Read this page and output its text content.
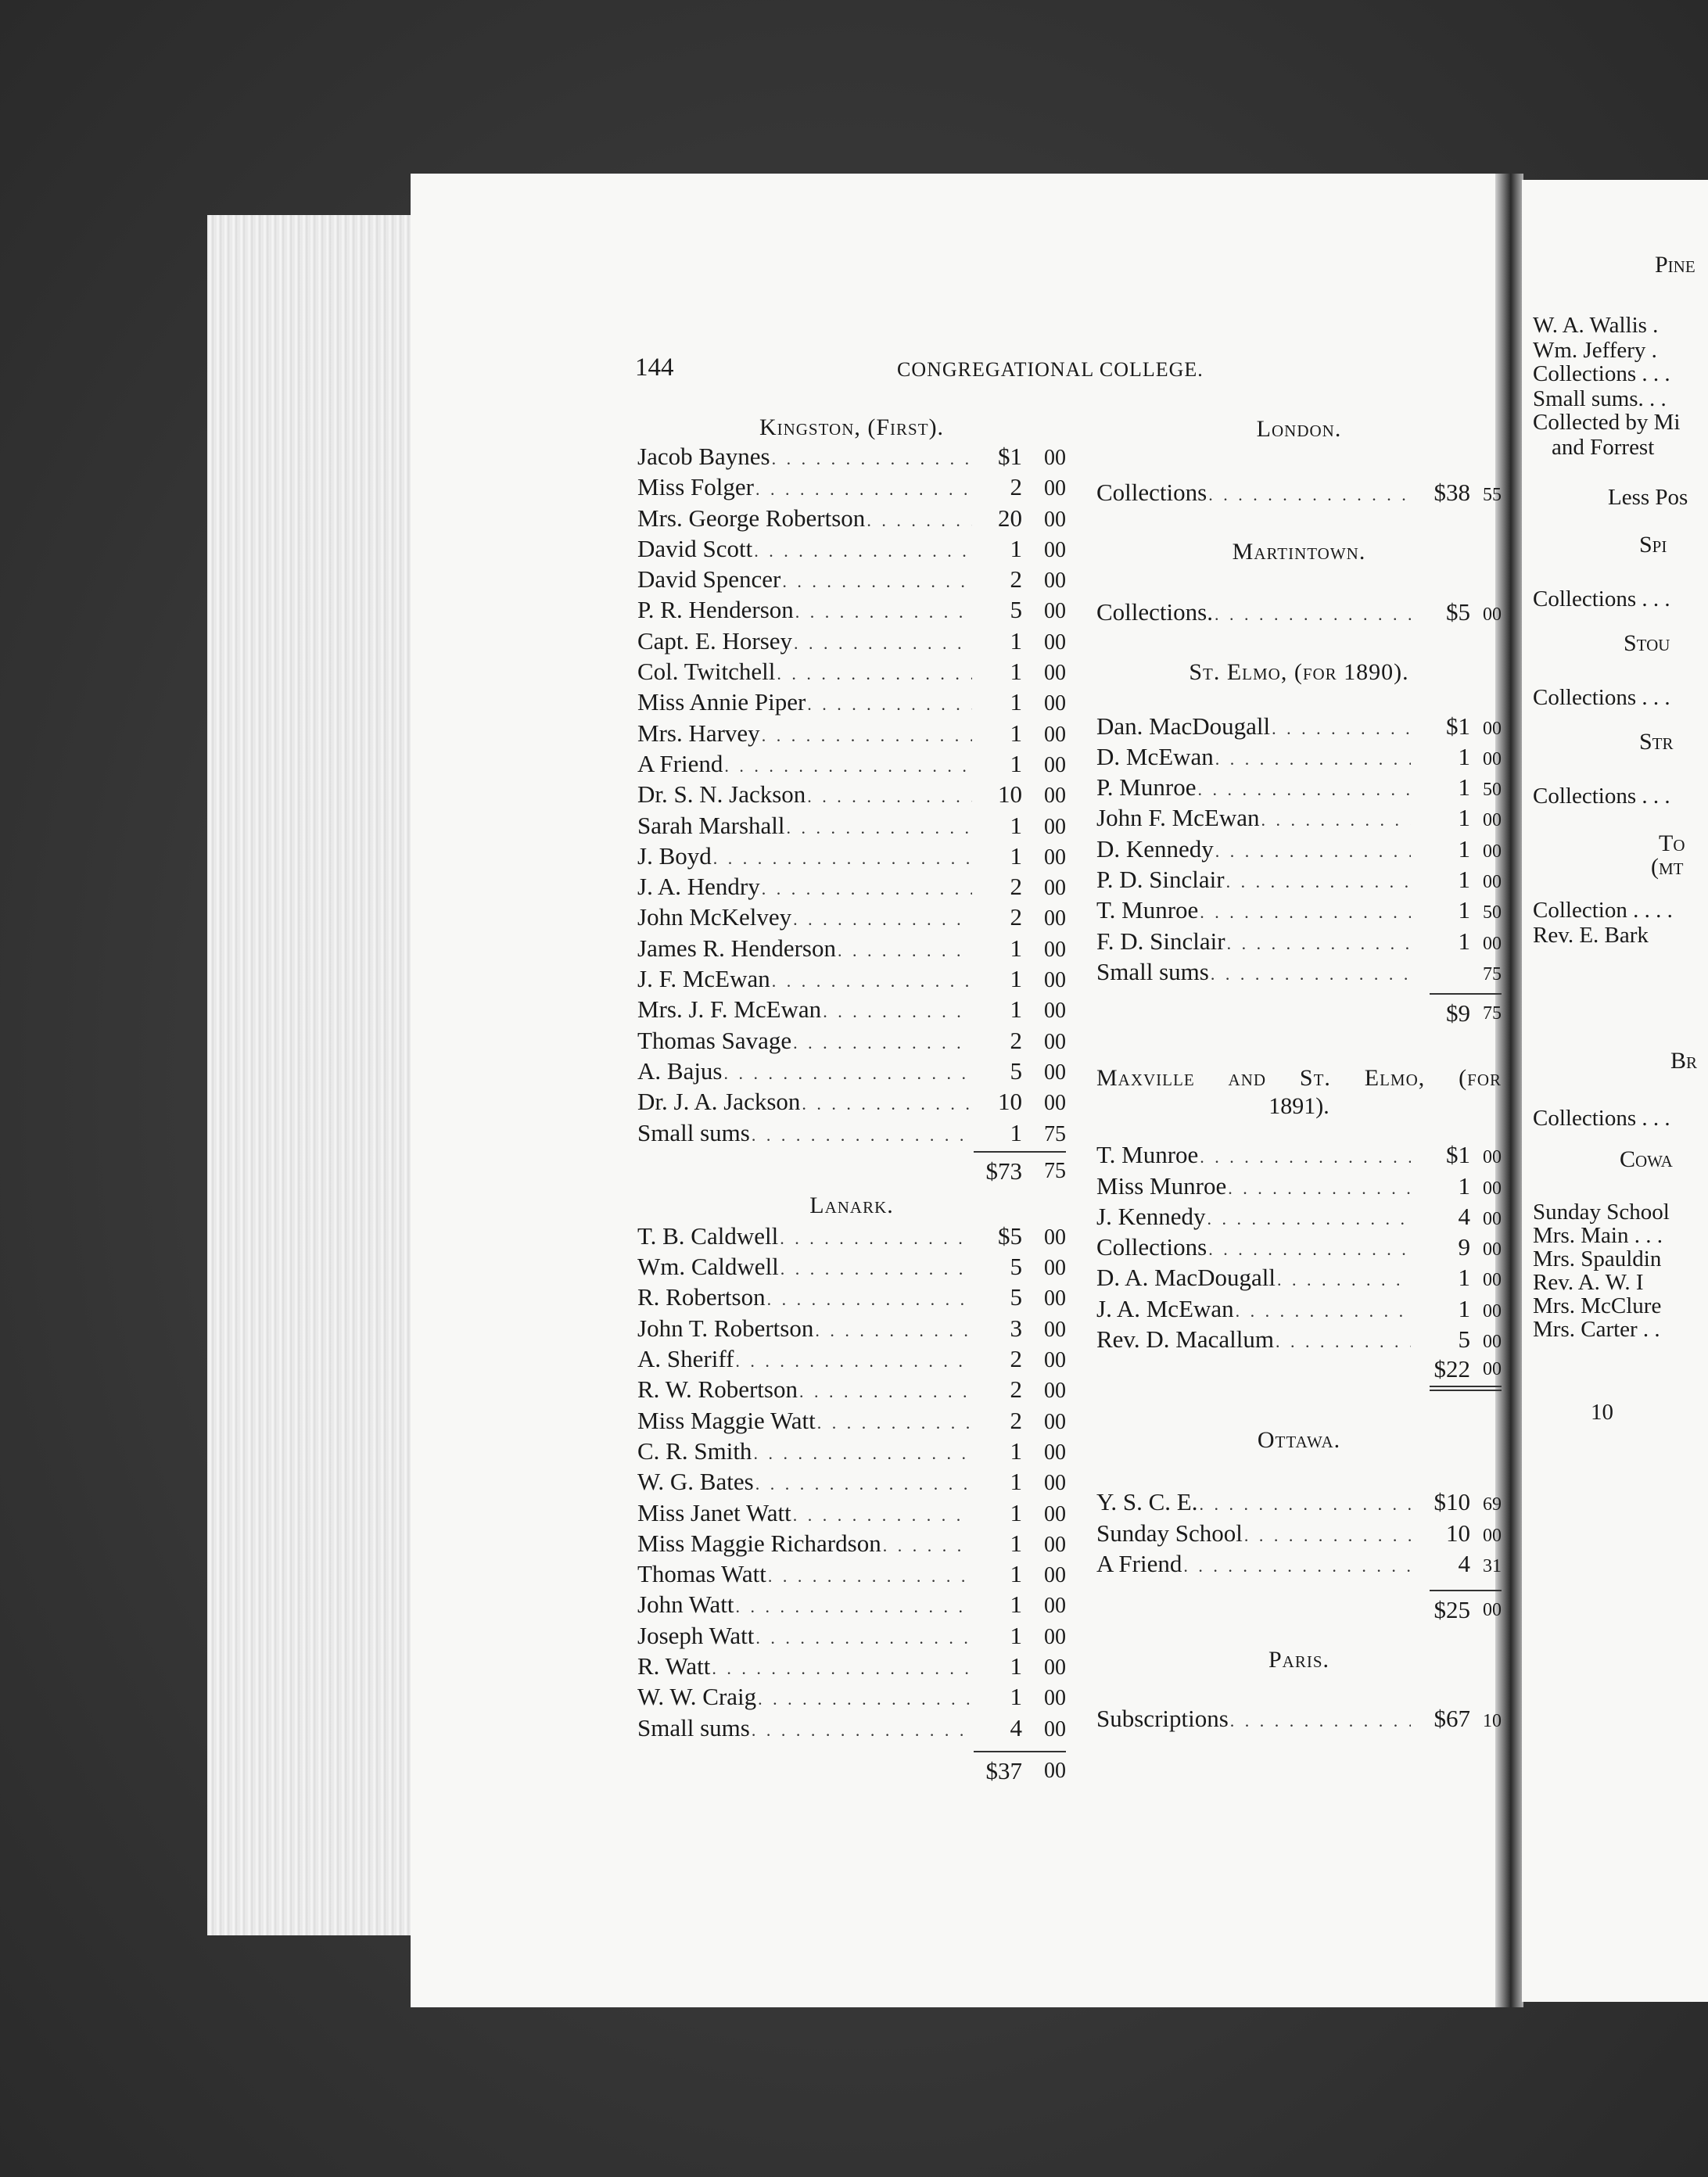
Pine
W. A. Wallis .
Wm. Jeffery .
Collections . . .
Small sums. . .
Collected by Mi
and Forrest
Less Pos
Spi
Collections . . .
Stou
Collections . . .
Str
Collections . . .
To
(mt
Collection . . . .
Rev. E. Bark
Br
Collections . . .
Cowa
Sunday School
Mrs. Main . . .
Mrs. Spauldin
Rev. A. W. I
Mrs. McClure
Mrs. Carter . .
10
144	CONGREGATIONAL COLLEGE.
Kingston, (First).
Jacob Baynes . . .	$1	00
Miss Folger . . .	2	00
Mrs. George Robertson . . .	20	00
David Scott . . .	1	00
David Spencer . . .	2	00
P. R. Henderson . . .	5	00
Capt. E. Horsey . . .	1	00
Col. Twitchell . . .	1	00
Miss Annie Piper . . .	1	00
Mrs. Harvey . . .	1	00
A Friend . . .	1	00
Dr. S. N. Jackson . . .	10	00
Sarah Marshall . . .	1	00
J. Boyd . . .	1	00
J. A. Hendry . . .	2	00
John McKelvey . . .	2	00
James R. Henderson . . .	1	00
J. F. McEwan . . .	1	00
Mrs. J. F. McEwan . . .	1	00
Thomas Savage . . .	2	00
A. Bajus . . .	5	00
Dr. J. A. Jackson . . .	10	00
Small sums . . .	1	75
$73	75
Lanark.
T. B. Caldwell . . .	$5	00
Wm. Caldwell . . .	5	00
R. Robertson . . .	5	00
John T. Robertson . . .	3	00
A. Sheriff . . .	2	00
R. W. Robertson . . .	2	00
Miss Maggie Watt . . .	2	00
C. R. Smith . . .	1	00
W. G. Bates . . .	1	00
Miss Janet Watt . . .	1	00
Miss Maggie Richardson . . .	1	00
Thomas Watt . . .	1	00
John Watt . . .	1	00
Joseph Watt . . .	1	00
R. Watt . . .	1	00
W. W. Craig . . .	1	00
Small sums . . .	4	00
$37	00
London.
Collections . . .	$38 55
Martintown.
Collections. . . .	$5 00
St. Elmo, (for 1890).
Dan. MacDougall . . .	$1 00
D. McEwan . . .	1 00
P. Munroe . . .	1 50
John F. McEwan . . .	1 00
D. Kennedy . . .	1 00
P. D. Sinclair . . .	1 00
T. Munroe . . .	1 50
F. D. Sinclair . . .	1 00
Small sums . . .	75
$9 75
Maxville and St. Elmo, (for
1891).
T. Munroe . . .	$1 00
Miss Munroe . . .	1 00
J. Kennedy . . .	4 00
Collections . . .	9 00
D. A. MacDougall . . .	1 00
J. A. McEwan . . .	1 00
Rev. D. Macallum . . .	5 00
$22 00
Ottawa.
Y. S. C. E. . . .	$10 69
Sunday School . . .	10 00
A Friend . . .	4 31
$25 00
Paris.
Subscriptions . . .	$67 10
